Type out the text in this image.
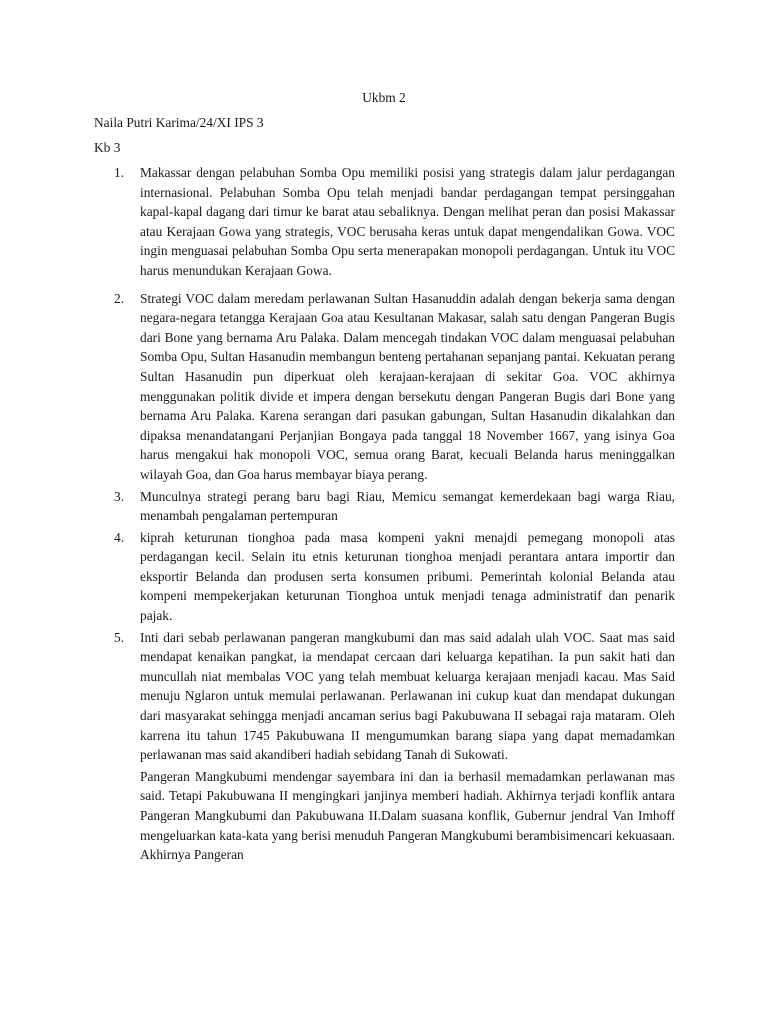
Ukbm 2
Naila Putri Karima/24/XI IPS 3
Kb 3
1. Makassar dengan pelabuhan Somba Opu memiliki posisi yang strategis dalam jalur perdagangan internasional. Pelabuhan Somba Opu telah menjadi bandar perdagangan tempat persinggahan kapal-kapal dagang dari timur ke barat atau sebaliknya. Dengan melihat peran dan posisi Makassar atau Kerajaan Gowa yang strategis, VOC berusaha keras untuk dapat mengendalikan Gowa. VOC ingin menguasai pelabuhan Somba Opu serta menerapakan monopoli perdagangan. Untuk itu VOC harus menundukan Kerajaan Gowa.
2. Strategi VOC dalam meredam perlawanan Sultan Hasanuddin adalah dengan bekerja sama dengan negara-negara tetangga Kerajaan Goa atau Kesultanan Makasar, salah satu dengan Pangeran Bugis dari Bone yang bernama Aru Palaka. Dalam mencegah tindakan VOC dalam menguasai pelabuhan Somba Opu, Sultan Hasanudin membangun benteng pertahanan sepanjang pantai. Kekuatan perang Sultan Hasanudin pun diperkuat oleh kerajaan-kerajaan di sekitar Goa. VOC akhirnya menggunakan politik divide et impera dengan bersekutu dengan Pangeran Bugis dari Bone yang bernama Aru Palaka. Karena serangan dari pasukan gabungan, Sultan Hasanudin dikalahkan dan dipaksa menandatangani Perjanjian Bongaya pada tanggal 18 November 1667, yang isinya Goa harus mengakui hak monopoli VOC, semua orang Barat, kecuali Belanda harus meninggalkan wilayah Goa, dan Goa harus membayar biaya perang.
3. Munculnya strategi perang baru bagi Riau, Memicu semangat kemerdekaan bagi warga Riau, menambah pengalaman pertempuran
4. kiprah keturunan tionghoa pada masa kompeni yakni menajdi pemegang monopoli atas perdagangan kecil. Selain itu etnis keturunan tionghoa menjadi perantara antara importir dan eksportir Belanda dan produsen serta konsumen pribumi. Pemerintah kolonial Belanda atau kompeni mempekerjakan keturunan Tionghoa untuk menjadi tenaga administratif dan penarik pajak.
5. Inti dari sebab perlawanan pangeran mangkubumi dan mas said adalah ulah VOC. Saat mas said mendapat kenaikan pangkat, ia mendapat cercaan dari keluarga kepatihan. Ia pun sakit hati dan muncullah niat membalas VOC yang telah membuat keluarga kerajaan menjadi kacau. Mas Said menuju Nglaron untuk memulai perlawanan. Perlawanan ini cukup kuat dan mendapat dukungan dari masyarakat sehingga menjadi ancaman serius bagi Pakubuwana II sebagai raja mataram. Oleh karrena itu tahun 1745 Pakubuwana II mengumumkan barang siapa yang dapat memadamkan perlawanan mas said akandiberi hadiah sebidang Tanah di Sukowati.
Pangeran Mangkubumi mendengar sayembara ini dan ia berhasil memadamkan perlawanan mas said. Tetapi Pakubuwana II mengingkari janjinya memberi hadiah. Akhirnya terjadi konflik antara Pangeran Mangkubumi dan Pakubuwana II.Dalam suasana konflik, Gubernur jendral Van Imhoff mengeluarkan kata-kata yang berisi menuduh Pangeran Mangkubumi berambisimencari kekuasaan. Akhirnya Pangeran
